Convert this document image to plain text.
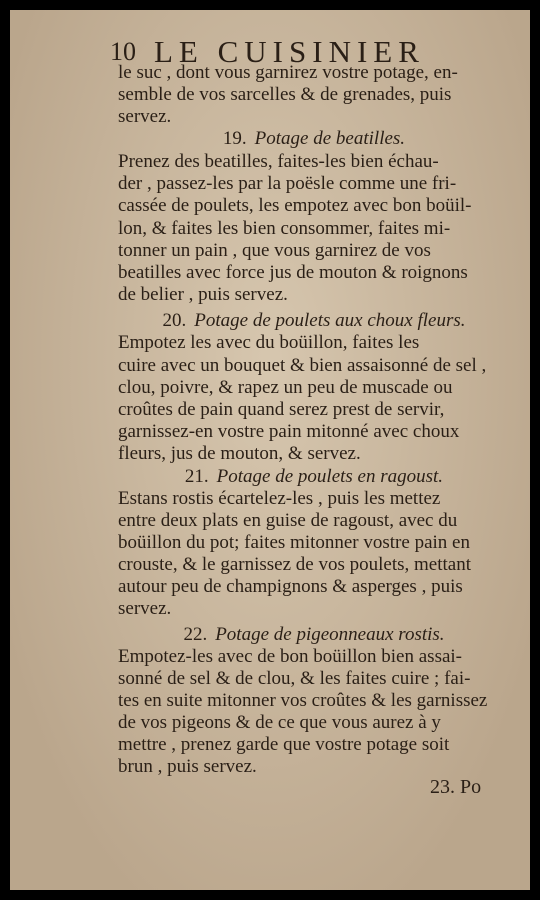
10 LE CUISINIER
le suc , dont vous garnirez vostre potage, en-
semble de vos sarcelles & de grenades, puis
servez.
19. Potage de beatilles.
Prenez des beatilles, faites-les bien échau-
der , passez-les par la poësle comme une fri-
cassée de poulets, les empotez avec bon boüil-
lon, & faites les bien consommer, faites mi-
tonner un pain , que vous garnirez de vos
beatilles avec force jus de mouton & roignons
de belier , puis servez.
20. Potage de poulets aux choux fleurs.
Empotez les avec du boüillon, faites les
cuire avec un bouquet & bien assaisonné de sel ,
clou, poivre, & rapez un peu de muscade ou
croûtes de pain quand serez prest de servir,
garnissez-en vostre pain mitonné avec choux
fleurs, jus de mouton, & servez.
21. Potage de poulets en ragoust.
Estans rostis écartelez-les , puis les mettez
entre deux plats en guise de ragoust, avec du
boüillon du pot; faites mitonner vostre pain en
crouste, & le garnissez de vos poulets, mettant
autour peu de champignons & asperges , puis
servez.
22. Potage de pigeonneaux rostis.
Empotez-les avec de bon boüillon bien assai-
sonné de sel & de clou, & les faites cuire ; fai-
tes en suite mitonner vos croûtes & les garnissez
de vos pigeons & de ce que vous aurez à y
mettre , prenez garde que vostre potage soit
brun , puis servez.
23. Po
